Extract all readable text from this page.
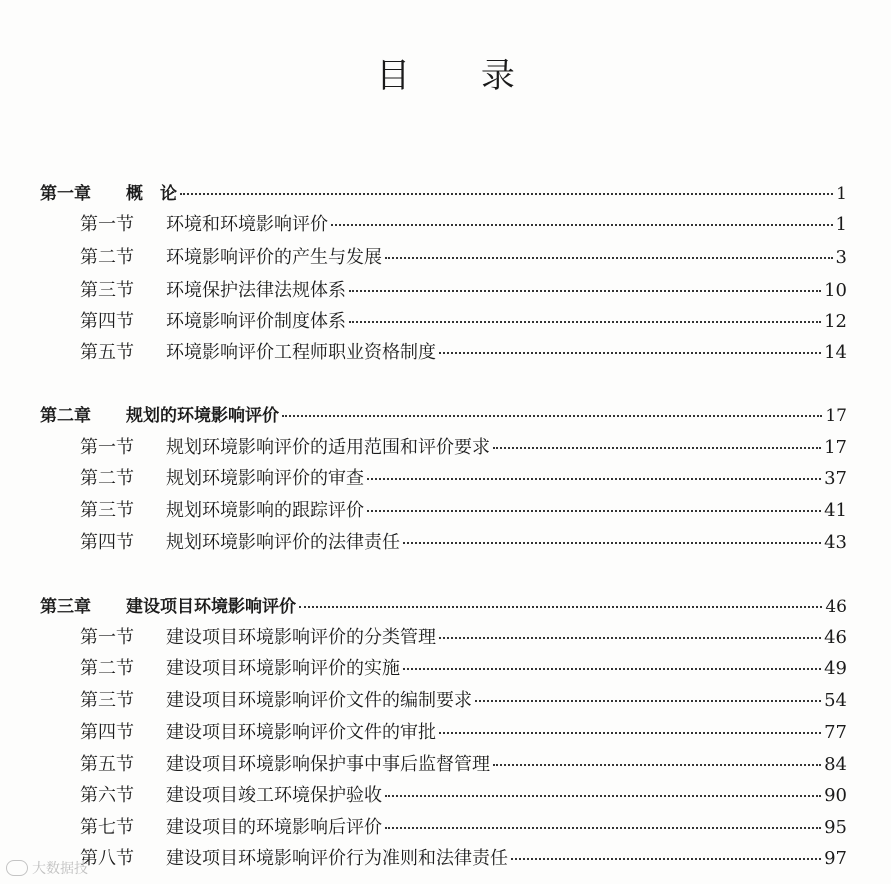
目 录
第一章 概　论	1
第一节 环境和环境影响评价	1
第二节 环境影响评价的产生与发展	3
第三节 环境保护法律法规体系	10
第四节 环境影响评价制度体系	12
第五节 环境影响评价工程师职业资格制度	14
第二章 规划的环境影响评价	17
第一节 规划环境影响评价的适用范围和评价要求	17
第二节 规划环境影响评价的审查	37
第三节 规划环境影响的跟踪评价	41
第四节 规划环境影响评价的法律责任	43
第三章 建设项目环境影响评价	46
第一节 建设项目环境影响评价的分类管理	46
第二节 建设项目环境影响评价的实施	49
第三节 建设项目环境影响评价文件的编制要求	54
第四节 建设项目环境影响评价文件的审批	77
第五节 建设项目环境影响保护事中事后监督管理	84
第六节 建设项目竣工环境保护验收	90
第七节 建设项目的环境影响后评价	95
第八节 建设项目环境影响评价行为准则和法律责任	97
大数据技
